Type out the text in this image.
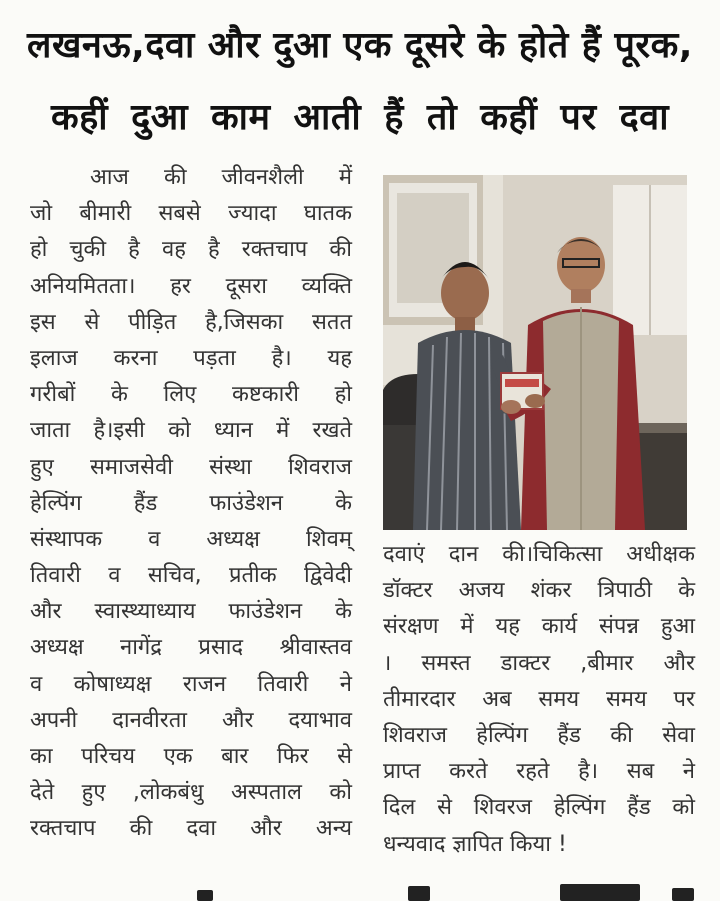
लखनऊ,दवा और दुआ एक दूसरे के होते हैं पूरक,
कहीं दुआ काम आती हैं तो कहीं पर दवा
आज की जीवनशैली में
जो बीमारी सबसे ज्यादा घातक
हो चुकी है वह है रक्तचाप की
अनियमितता। हर दूसरा व्यक्ति
इस से पीड़ित है,जिसका सतत
इलाज करना पड़ता है। यह
गरीबों के लिए कष्टकारी हो
जाता है।इसी को ध्यान में रखते
हुए समाजसेवी संस्था शिवराज
हेल्पिंग हैंड फाउंडेशन के
संस्थापक व अध्यक्ष शिवम्
तिवारी व सचिव, प्रतीक द्विवेदी
और स्वास्थ्याध्याय फाउंडेशन के
अध्यक्ष नागेंद्र प्रसाद श्रीवास्तव
व कोषाध्यक्ष राजन तिवारी ने
अपनी दानवीरता और दयाभाव
का परिचय एक बार फिर से
देते हुए ,लोकबंधु अस्पताल को
रक्तचाप की दवा और अन्य
दवाएं दान की।चिकित्सा अधीक्षक
डॉक्टर अजय शंकर त्रिपाठी के
संरक्षण में यह कार्य संपन्न हुआ
। समस्त डाक्टर ,बीमार और
तीमारदार अब समय समय पर
शिवराज हेल्पिंग हैंड की सेवा
प्राप्त करते रहते है। सब ने
दिल से शिवरज हेल्पिंग हैंड को
धन्यवाद ज्ञापित किया !
